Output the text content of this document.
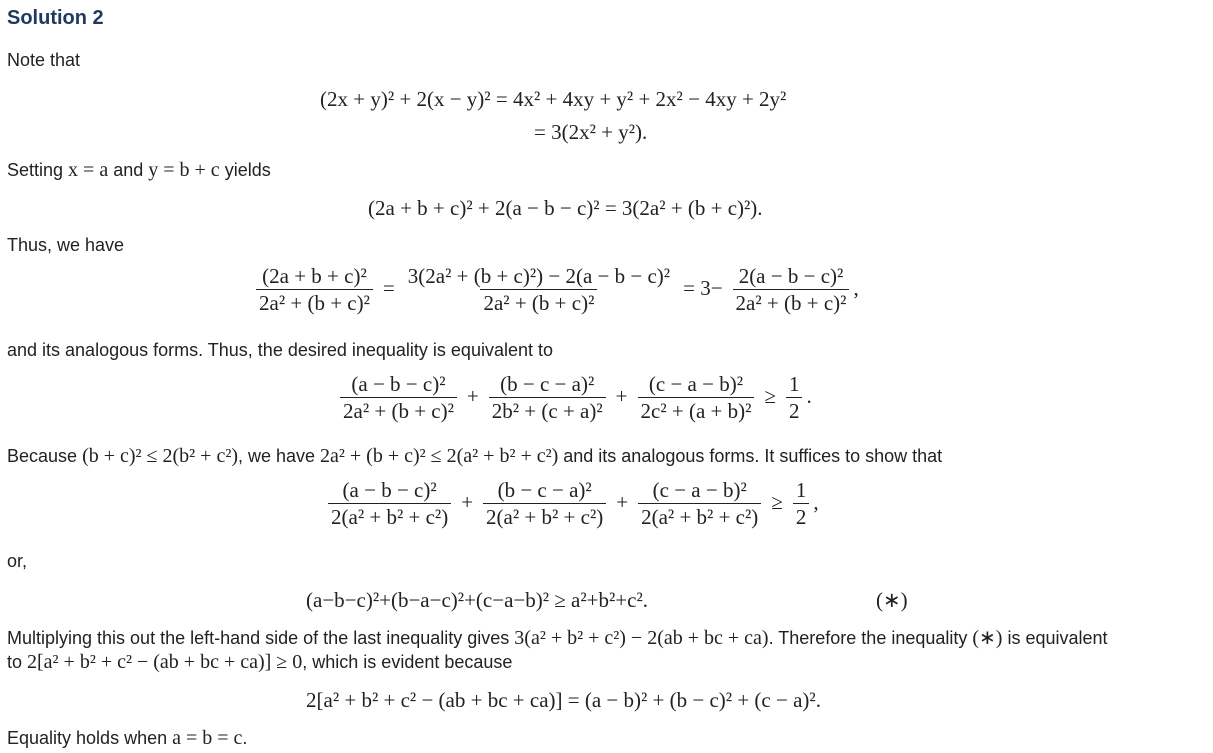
Solution 2
Note that
(2x + y)² + 2(x − y)² = 4x² + 4xy + y² + 2x² − 4xy + 2y²
= 3(2x² + y²).
Setting x = a and y = b + c yields
(2a + b + c)² + 2(a − b − c)² = 3(2a² + (b + c)²).
Thus, we have
$\frac{\text{(2a + b + c)²}}{\text{2a² + (b + c)²}} = \frac{\text{3(2a² + (b + c)²) − 2(a − b − c)²}}{\text{2a² + (b + c)²}} = 3- \frac{\text{2(a − b − c)²}}{\text{2a² + (b + c)²}}$ ,
and its analogous forms. Thus, the desired inequality is equivalent to
$\frac{\text{(a − b − c)²}}{\text{2a² + (b + c)²}} + \frac{\text{(b − c − a)²}}{\text{2b² + (c + a)²}} + \frac{\text{(c − a − b)²}}{\text{2c² + (a + b)²}} \ge \frac{1}{2}$ .
Because (b + c)² ≤ 2(b² + c²), we have 2a² + (b + c)² ≤ 2(a² + b² + c²) and its analogous forms. It suffices to show that
$\frac{\text{(a − b − c)²}}{\text{2(a² + b² + c²)}} + \frac{\text{(b − c − a)²}}{\text{2(a² + b² + c²)}} + \frac{\text{(c − a − b)²}}{\text{2(a² + b² + c²)}} \ge \frac{1}{2}$ ,
or,
(a−b−c)²+(b−a−c)²+(c−a−b)² ≥ a²+b²+c².	(∗)
Multiplying this out the left-hand side of the last inequality gives 3(a² + b² + c²) − 2(ab + bc + ca). Therefore the inequality (∗) is equivalent
to 2[a² + b² + c² − (ab + bc + ca)] ≥ 0, which is evident because
2[a² + b² + c² − (ab + bc + ca)] = (a − b)² + (b − c)² + (c − a)².
Equality holds when a = b = c.
